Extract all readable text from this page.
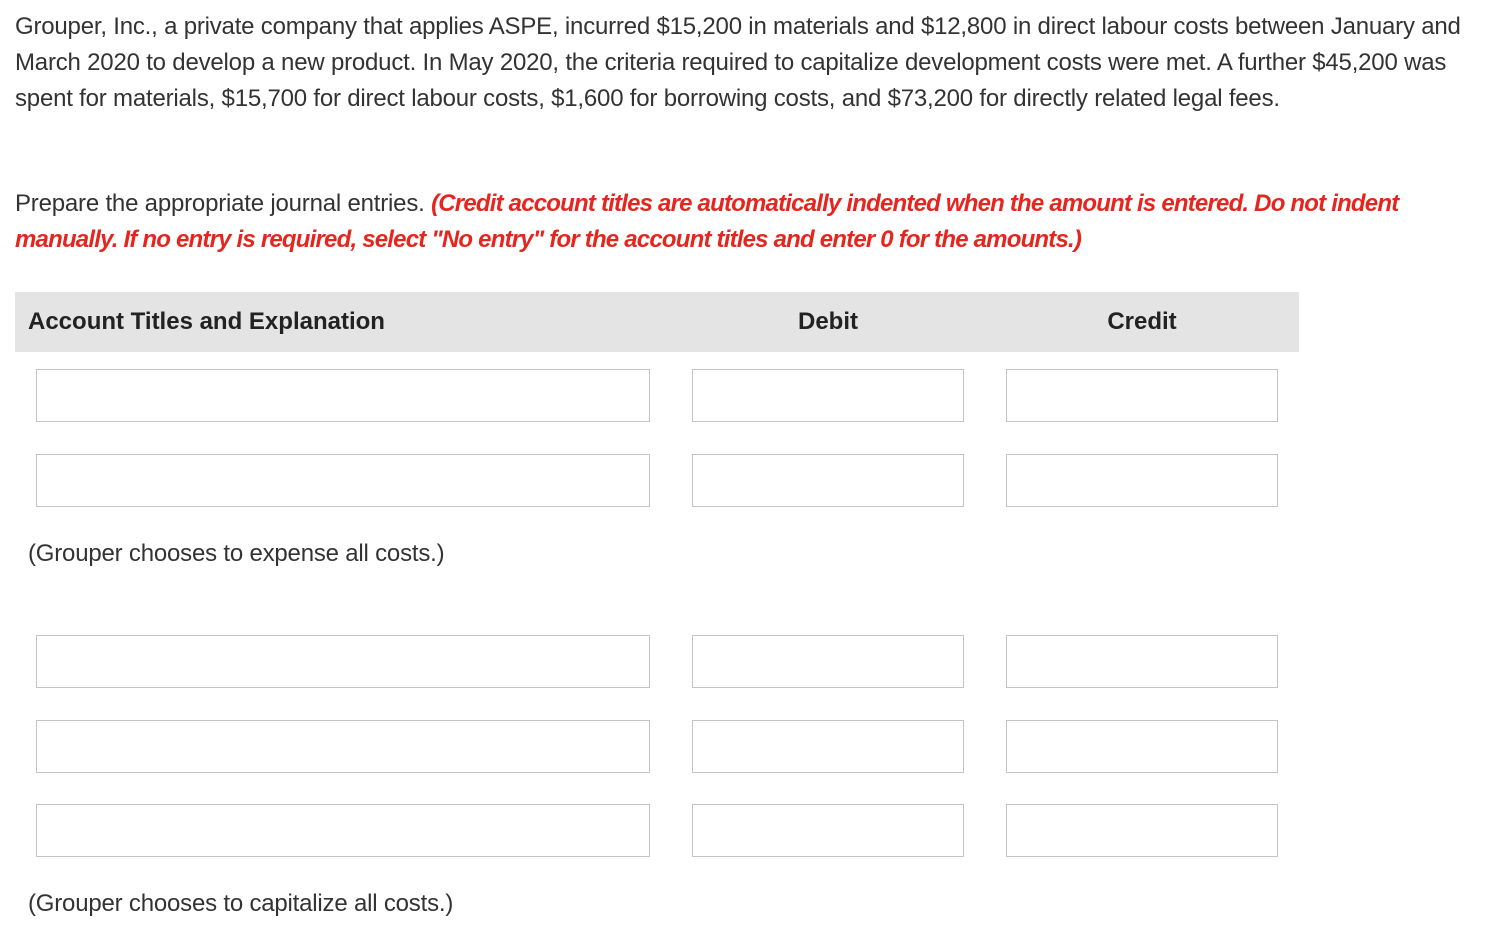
Grouper, Inc., a private company that applies ASPE, incurred $15,200 in materials and $12,800 in direct labour costs between January and March 2020 to develop a new product. In May 2020, the criteria required to capitalize development costs were met. A further $45,200 was spent for materials, $15,700 for direct labour costs, $1,600 for borrowing costs, and $73,200 for directly related legal fees.
Prepare the appropriate journal entries. (Credit account titles are automatically indented when the amount is entered. Do not indent manually. If no entry is required, select "No entry" for the account titles and enter 0 for the amounts.)
Account Titles and Explanation	Debit	Credit
(Grouper chooses to expense all costs.)
(Grouper chooses to capitalize all costs.)
